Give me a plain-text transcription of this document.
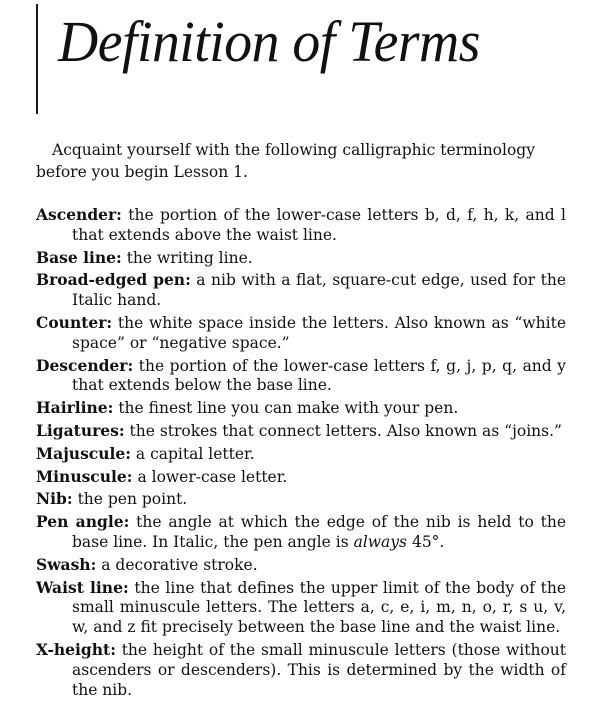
Definition of Terms

Acquaint yourself with the following calligraphic terminology before you begin Lesson 1.

Ascender: the portion of the lower-case letters b, d, f, h, k, and l that extends above the waist line.
Base line: the writing line.
Broad-edged pen: a nib with a flat, square-cut edge, used for the Italic hand.
Counter: the white space inside the letters. Also known as “white space” or “negative space.”
Descender: the portion of the lower-case letters f, g, j, p, q, and y that extends below the base line.
Hairline: the finest line you can make with your pen.
Ligatures: the strokes that connect letters. Also known as “joins.”
Majuscule: a capital letter.
Minuscule: a lower-case letter.
Nib: the pen point.
Pen angle: the angle at which the edge of the nib is held to the base line. In Italic, the pen angle is always 45°.
Swash: a decorative stroke.
Waist line: the line that defines the upper limit of the body of the small minuscule letters. The letters a, c, e, i, m, n, o, r, s u, v, w, and z fit precisely between the base line and the waist line.
X-height: the height of the small minuscule letters (those without ascenders or descenders). This is determined by the width of the nib.
